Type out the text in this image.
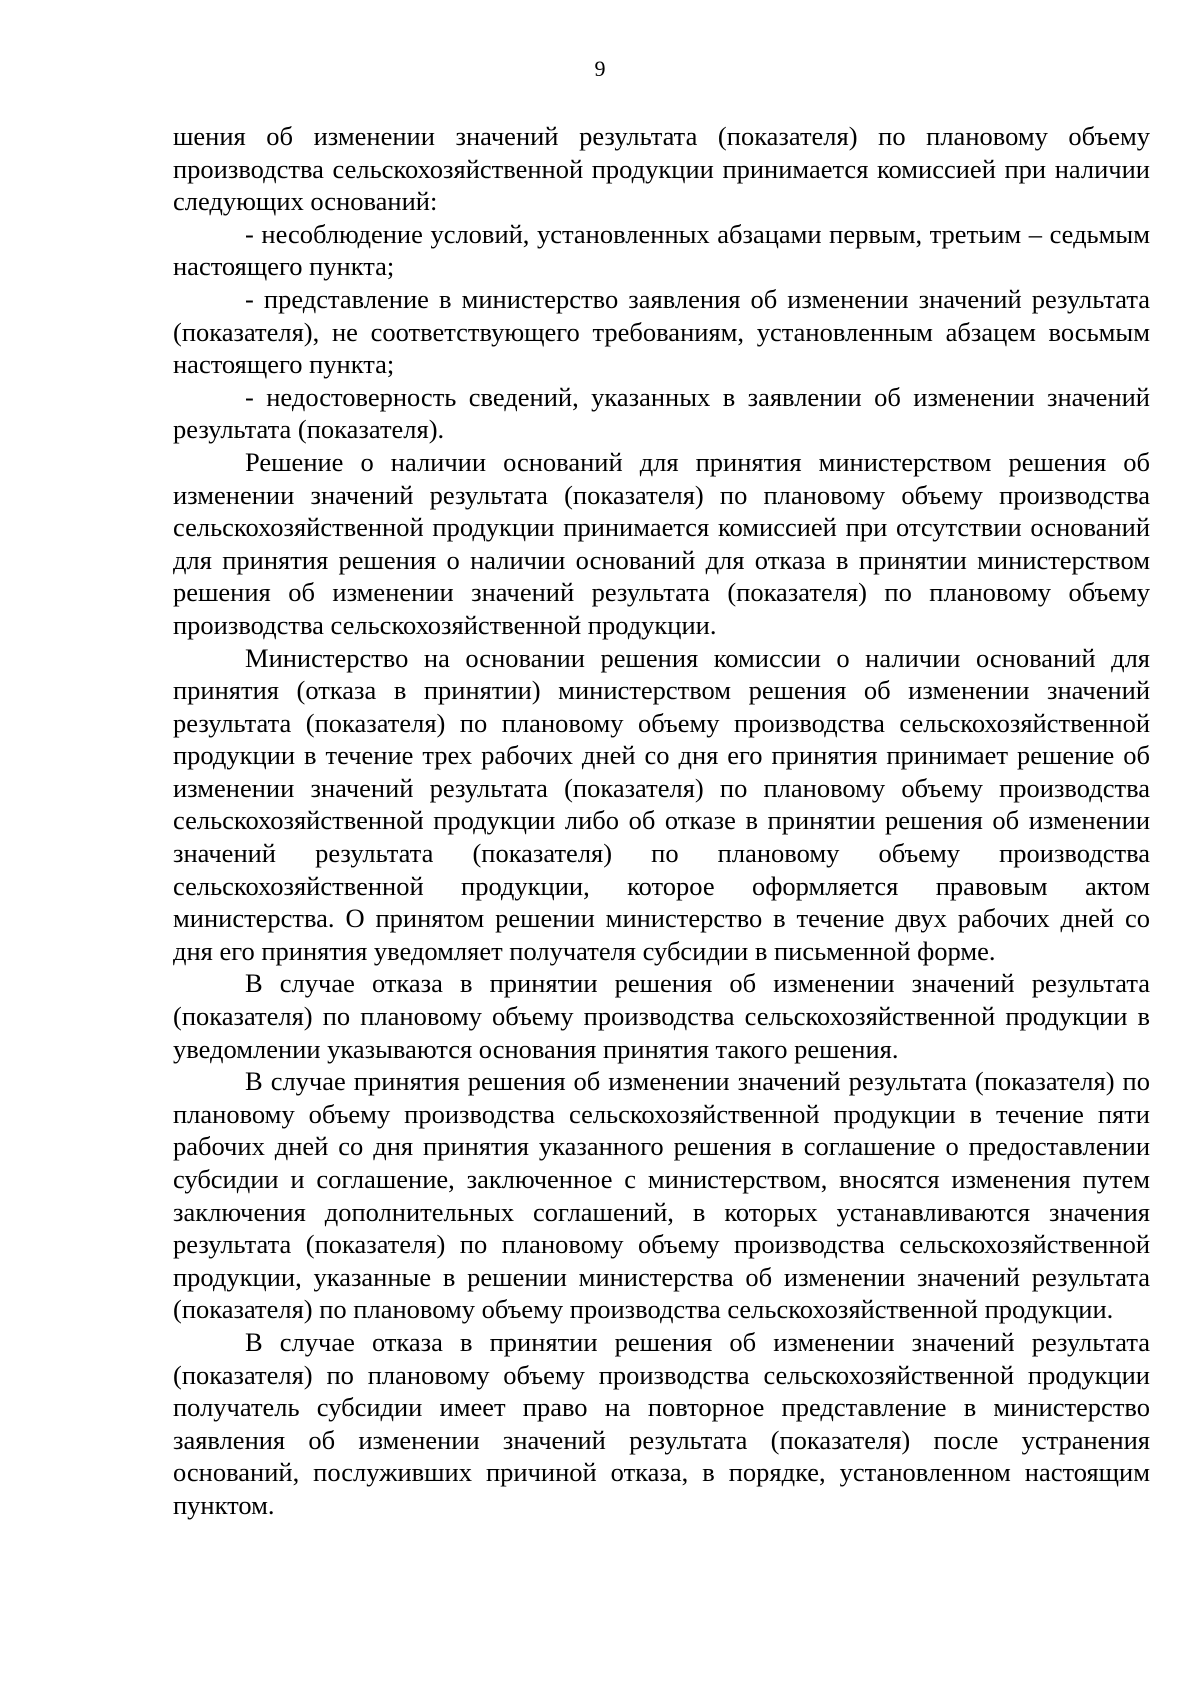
9

шения об изменении значений результата (показателя) по плановому объему производства сельскохозяйственной продукции принимается комиссией при наличии следующих оснований:

- несоблюдение условий, установленных абзацами первым, третьим – седьмым настоящего пункта;

- представление в министерство заявления об изменении значений результата (показателя), не соответствующего требованиям, установленным абзацем восьмым настоящего пункта;

- недостоверность сведений, указанных в заявлении об изменении значений результата (показателя).

Решение о наличии оснований для принятия министерством решения об изменении значений результата (показателя) по плановому объему производства сельскохозяйственной продукции принимается комиссией при отсутствии оснований для принятия решения о наличии оснований для отказа в принятии министерством решения об изменении значений результата (показателя) по плановому объему производства сельскохозяйственной продукции.

Министерство на основании решения комиссии о наличии оснований для принятия (отказа в принятии) министерством решения об изменении значений результата (показателя) по плановому объему производства сельскохозяйственной продукции в течение трех рабочих дней со дня его принятия принимает решение об изменении значений результата (показателя) по плановому объему производства сельскохозяйственной продукции либо об отказе в принятии решения об изменении значений результата (показателя) по плановому объему производства сельскохозяйственной продукции, которое оформляется правовым актом министерства. О принятом решении министерство в течение двух рабочих дней со дня его принятия уведомляет получателя субсидии в письменной форме.

В случае отказа в принятии решения об изменении значений результата (показателя) по плановому объему производства сельскохозяйственной продукции в уведомлении указываются основания принятия такого решения.

В случае принятия решения об изменении значений результата (показателя) по плановому объему производства сельскохозяйственной продукции в течение пяти рабочих дней со дня принятия указанного решения в соглашение о предоставлении субсидии и соглашение, заключенное с министерством, вносятся изменения путем заключения дополнительных соглашений, в которых устанавливаются значения результата (показателя) по плановому объему производства сельскохозяйственной продукции, указанные в решении министерства об изменении значений результата (показателя) по плановому объему производства сельскохозяйственной продукции.

В случае отказа в принятии решения об изменении значений результата (показателя) по плановому объему производства сельскохозяйственной продукции получатель субсидии имеет право на повторное представление в министерство заявления об изменении значений результата (показателя) после устранения оснований, послуживших причиной отказа, в порядке, установленном настоящим пунктом.
